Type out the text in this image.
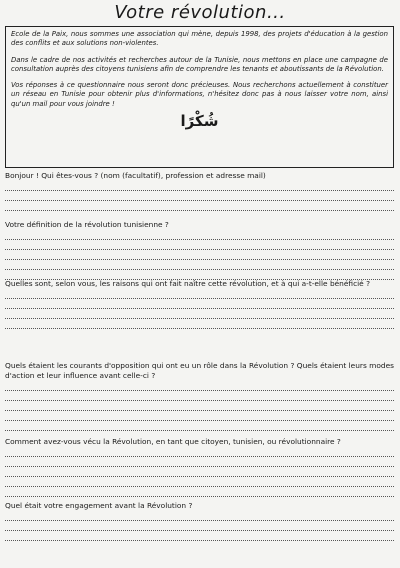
Votre révolution...

Ecole de la Paix, nous sommes une association qui mène, depuis 1998, des projets d'éducation à la gestion des conflits et aux solutions non-violentes.

Dans le cadre de nos activités et recherches autour de la Tunisie, nous mettons en place une campagne de consultation auprès des citoyens tunisiens afin de comprendre les tenants et aboutissants de la Révolution.

Vos réponses à ce questionnaire nous seront donc précieuses. Nous recherchons actuellement à constituer un réseau en Tunisie pour obtenir plus d'informations, n'hésitez donc pas à nous laisser votre nom, ainsi qu'un mail pour vous joindre !

شُكْرًا
Bonjour ! Qui êtes-vous ? (nom (facultatif), profession et adresse mail)
Votre définition de la révolution tunisienne ?
Quelles sont, selon vous, les raisons qui ont fait naître cette révolution, et à qui a-t-elle bénéficié ?
Quels étaient les courants d'opposition qui ont eu un rôle dans la Révolution ? Quels étaient leurs modes d'action et leur influence avant celle-ci ?
Comment avez-vous vécu la Révolution, en tant que citoyen, tunisien, ou révolutionnaire ?
Quel était votre engagement avant la Révolution ?
